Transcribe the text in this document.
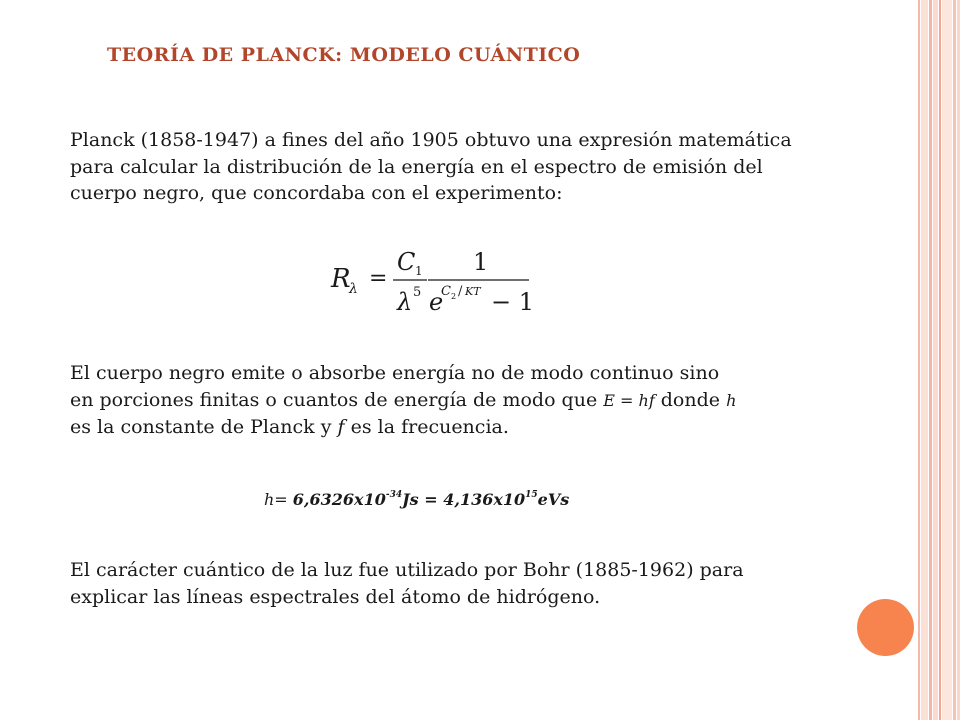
TEORÍA DE PLANCK: MODELO CUÁNTICO
Planck (1858-1947) a fines del año 1905 obtuvo una expresión matemática
para calcular la distribución de la energía en el espectro de emisión del
cuerpo negro, que concordaba con el experimento:
R
λ =
C 1
λ 5
1
e
C 2 / KT − 1
El cuerpo negro emite o absorbe energía no de modo continuo sino
en porciones finitas o cuantos de energía de modo que E = hf donde h
es la constante de Planck y f es la frecuencia.
$h= 6,6326x10^{-34}Js = 4,136x10^{15}eVs$
El carácter cuántico de la luz fue utilizado por Bohr (1885-1962) para
explicar las líneas espectrales del átomo de hidrógeno.
